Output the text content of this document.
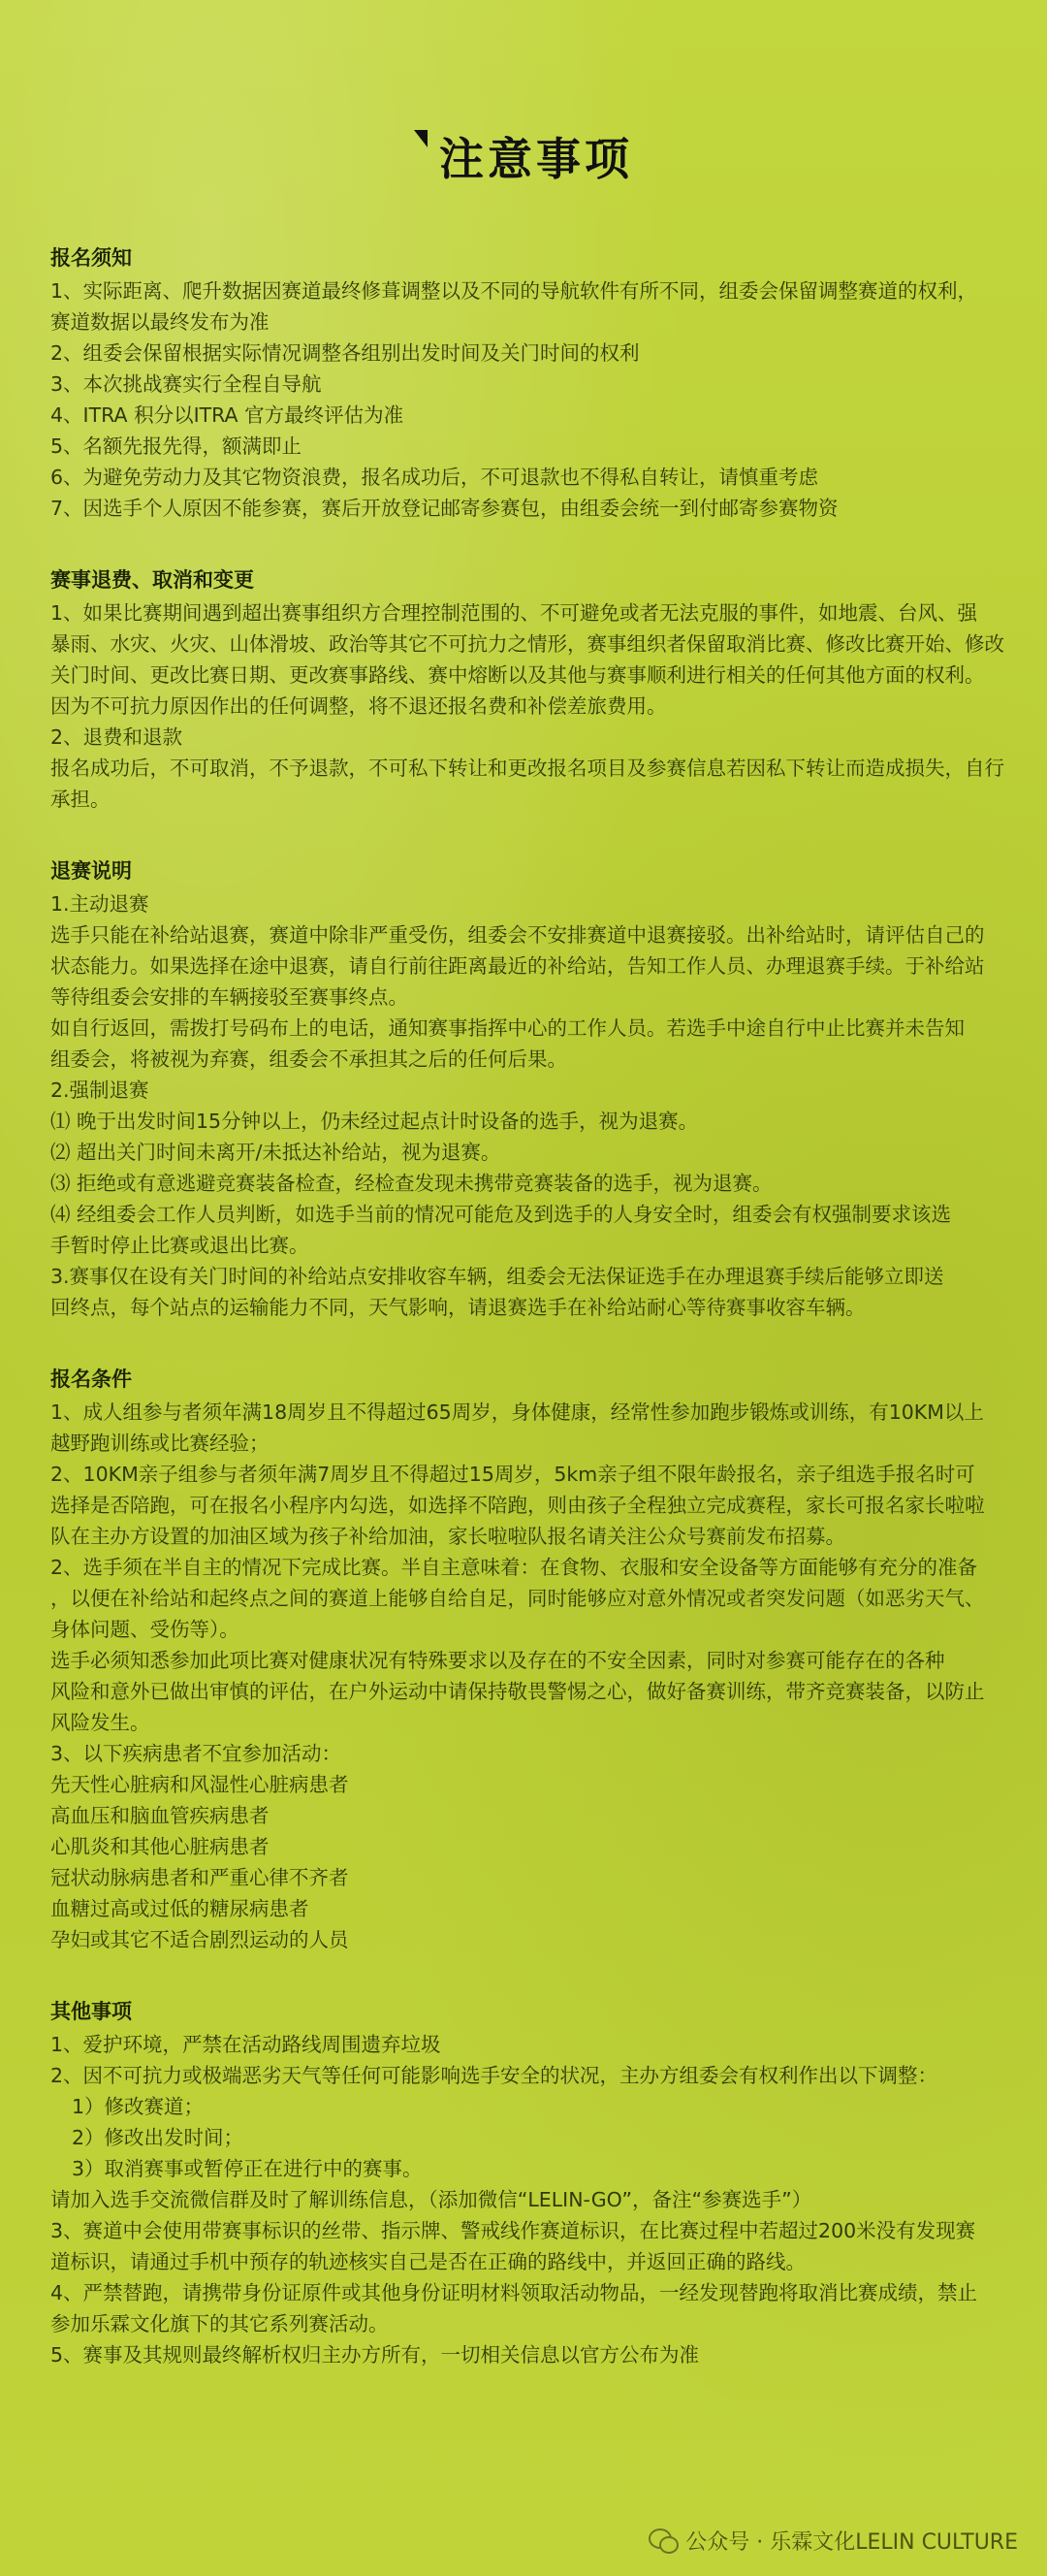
注意事项
报名须知
1、实际距离、爬升数据因赛道最终修葺调整以及不同的导航软件有所不同，组委会保留调整赛道的权利，
赛道数据以最终发布为准
2、组委会保留根据实际情况调整各组别出发时间及关门时间的权利
3、本次挑战赛实行全程自导航
4、ITRA 积分以ITRA 官方最终评估为准
5、名额先报先得，额满即止
6、为避免劳动力及其它物资浪费，报名成功后，不可退款也不得私自转让，请慎重考虑
7、因选手个人原因不能参赛，赛后开放登记邮寄参赛包，由组委会统一到付邮寄参赛物资
赛事退费、取消和变更
1、如果比赛期间遇到超出赛事组织方合理控制范围的、不可避免或者无法克服的事件，如地震、台风、强
暴雨、水灾、火灾、山体滑坡、政治等其它不可抗力之情形，赛事组织者保留取消比赛、修改比赛开始、修改
关门时间、更改比赛日期、更改赛事路线、赛中熔断以及其他与赛事顺利进行相关的任何其他方面的权利。
因为不可抗力原因作出的任何调整，将不退还报名费和补偿差旅费用。
2、退费和退款
报名成功后，不可取消，不予退款，不可私下转让和更改报名项目及参赛信息若因私下转让而造成损失，自行
承担。
退赛说明
1.主动退赛
选手只能在补给站退赛，赛道中除非严重受伤，组委会不安排赛道中退赛接驳。出补给站时，请评估自己的
状态能力。如果选择在途中退赛，请自行前往距离最近的补给站，告知工作人员、办理退赛手续。于补给站
等待组委会安排的车辆接驳至赛事终点。
如自行返回，需拨打号码布上的电话，通知赛事指挥中心的工作人员。若选手中途自行中止比赛并未告知
组委会，将被视为弃赛，组委会不承担其之后的任何后果。
2.强制退赛
⑴ 晚于出发时间15分钟以上，仍未经过起点计时设备的选手，视为退赛。
⑵ 超出关门时间未离开/未抵达补给站，视为退赛。
⑶ 拒绝或有意逃避竞赛装备检查，经检查发现未携带竞赛装备的选手，视为退赛。
⑷ 经组委会工作人员判断，如选手当前的情况可能危及到选手的人身安全时，组委会有权强制要求该选
手暂时停止比赛或退出比赛。
3.赛事仅在设有关门时间的补给站点安排收容车辆，组委会无法保证选手在办理退赛手续后能够立即送
回终点，每个站点的运输能力不同，天气影响，请退赛选手在补给站耐心等待赛事收容车辆。
报名条件
1、成人组参与者须年满18周岁且不得超过65周岁，身体健康，经常性参加跑步锻炼或训练，有10KM以上
越野跑训练或比赛经验；
2、10KM亲子组参与者须年满7周岁且不得超过15周岁，5km亲子组不限年龄报名，亲子组选手报名时可
选择是否陪跑，可在报名小程序内勾选，如选择不陪跑，则由孩子全程独立完成赛程，家长可报名家长啦啦
队在主办方设置的加油区域为孩子补给加油，家长啦啦队报名请关注公众号赛前发布招募。
2、选手须在半自主的情况下完成比赛。半自主意味着：在食物、衣服和安全设备等方面能够有充分的准备
，以便在补给站和起终点之间的赛道上能够自给自足，同时能够应对意外情况或者突发问题（如恶劣天气、
身体问题、受伤等）。
选手必须知悉参加此项比赛对健康状况有特殊要求以及存在的不安全因素，同时对参赛可能存在的各种
风险和意外已做出审慎的评估，在户外运动中请保持敬畏警惕之心，做好备赛训练，带齐竞赛装备，以防止
风险发生。
3、以下疾病患者不宜参加活动：
先天性心脏病和风湿性心脏病患者
高血压和脑血管疾病患者
心肌炎和其他心脏病患者
冠状动脉病患者和严重心律不齐者
血糖过高或过低的糖尿病患者
孕妇或其它不适合剧烈运动的人员
其他事项
1、爱护环境，严禁在活动路线周围遗弃垃圾
2、因不可抗力或极端恶劣天气等任何可能影响选手安全的状况，主办方组委会有权利作出以下调整：
1）修改赛道；
2）修改出发时间；
3）取消赛事或暂停正在进行中的赛事。
请加入选手交流微信群及时了解训练信息，（添加微信“LELIN-GO”，备注“参赛选手”）
3、赛道中会使用带赛事标识的丝带、指示牌、警戒线作赛道标识，在比赛过程中若超过200米没有发现赛
道标识，请通过手机中预存的轨迹核实自己是否在正确的路线中，并返回正确的路线。
4、严禁替跑，请携带身份证原件或其他身份证明材料领取活动物品，一经发现替跑将取消比赛成绩，禁止
参加乐霖文化旗下的其它系列赛活动。
5、赛事及其规则最终解析权归主办方所有，一切相关信息以官方公布为准
公众号 · 乐霖文化LELIN CULTURE
